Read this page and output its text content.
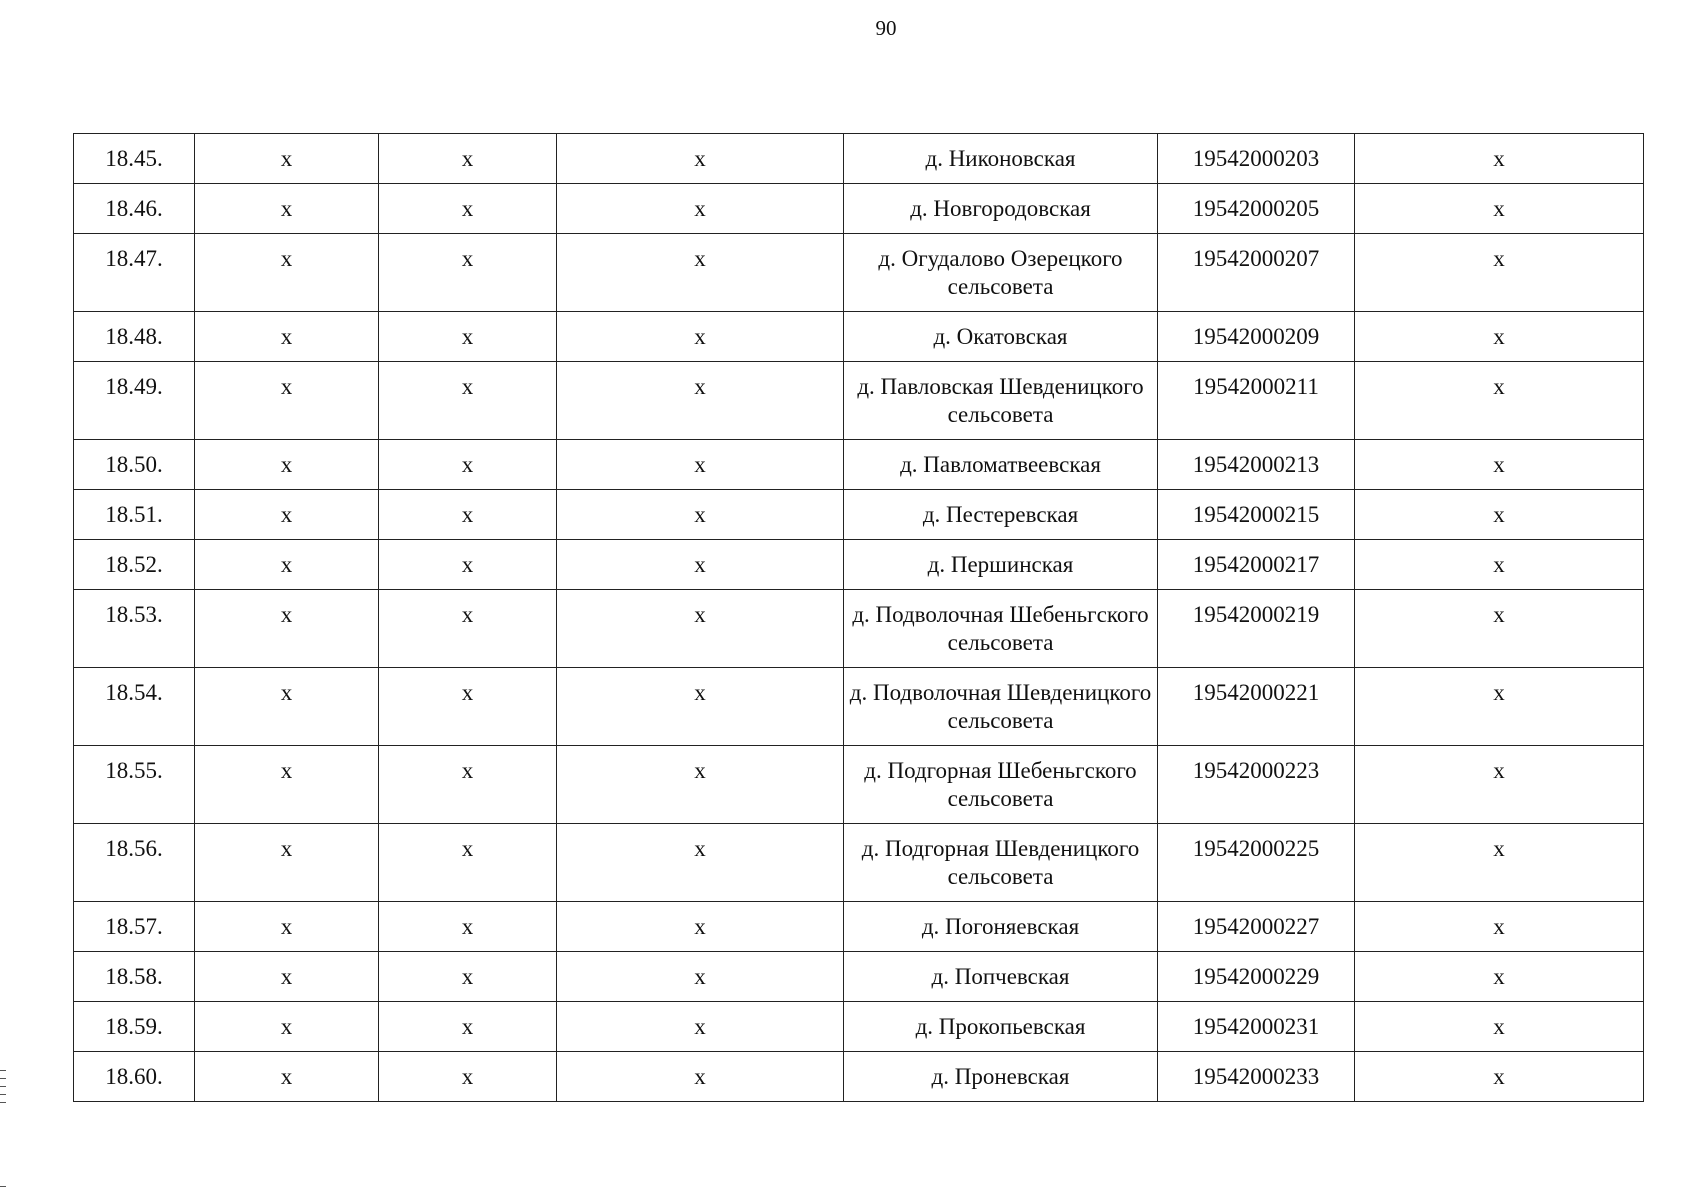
90
18.45.	x	x	x	д. Никоновская	19542000203	x
18.46.	x	x	x	д. Новгородовская	19542000205	x
18.47.	x	x	x	д. Огудалово Озерецкого сельсовета	19542000207	x
18.48.	x	x	x	д. Окатовская	19542000209	x
18.49.	x	x	x	д. Павловская Шевденицкого сельсовета	19542000211	x
18.50.	x	x	x	д. Павломатвеевская	19542000213	x
18.51.	x	x	x	д. Пестеревская	19542000215	x
18.52.	x	x	x	д. Першинская	19542000217	x
18.53.	x	x	x	д. Подволочная Шебеньгского сельсовета	19542000219	x
18.54.	x	x	x	д. Подволочная Шевденицкого сельсовета	19542000221	x
18.55.	x	x	x	д. Подгорная Шебеньгского сельсовета	19542000223	x
18.56.	x	x	x	д. Подгорная Шевденицкого сельсовета	19542000225	x
18.57.	x	x	x	д. Погоняевская	19542000227	x
18.58.	x	x	x	д. Попчевская	19542000229	x
18.59.	x	x	x	д. Прокопьевская	19542000231	x
18.60.	x	x	x	д. Проневская	19542000233	x
